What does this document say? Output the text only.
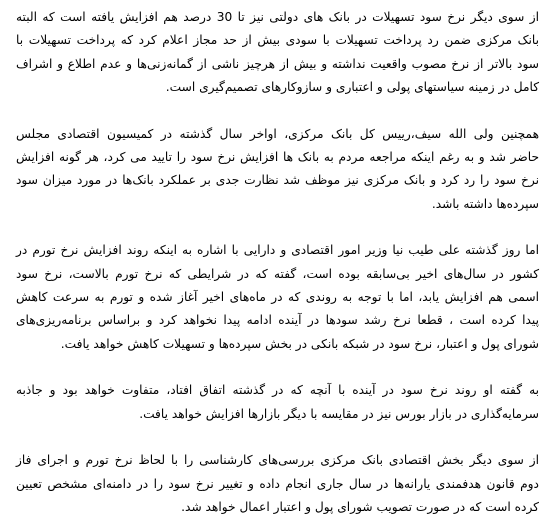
از سوی دیگر نرخ سود تسهیلات در بانک های دولتی نیز تا 30 درصد هم افزایش یافته است که البته
بانک مرکزی ضمن رد پرداخت تسهیلات با سودی بیش از حد مجاز اعلام کرد که پرداخت تسهیلات با
سود بالاتر از نرخ مصوب واقعیت نداشته و بیش از هرچیز ناشی از گمانه‌زنی‌ها و عدم اطلاع و اشراف
کامل در زمینه سیاستهای پولی و اعتباری و سازوکارهای تصمیم‌گیری است.

همچنین ولی الله سیف،رییس کل بانک مرکزی، اواخر سال گذشته در کمیسیون اقتصادی مجلس
حاضر شد و به رغم اینکه مراجعه مردم به بانک ها افزایش نرخ سود را تایید می کرد، هر گونه افزایش
نرخ سود را رد کرد و بانک مرکزی نیز موظف شد نظارت جدی بر عملکرد بانک‌ها در مورد میزان سود
سپرده‌ها داشته باشد.

اما روز گذشته علی طیب نیا وزیر امور اقتصادی و دارایی با اشاره به اینکه روند افزایش نرخ تورم در
کشور در سال‌های اخیر بی‌سابقه بوده است، گفته که در شرایطی که نرخ تورم بالاست، نرخ سود
اسمی هم افزایش یابد، اما با توجه به روندی که در ماه‌های اخیر آغاز شده و تورم به سرعت کاهش
پیدا کرده است ، قطعا نرخ رشد سودها در آینده ادامه پیدا نخواهد کرد و براساس برنامه‌ریزی‌های
شورای پول و اعتبار، نرخ سود در شبکه بانکی در بخش سپرده‌ها و تسهیلات کاهش خواهد یافت.

به گفته او روند نرخ سود در آینده با آنچه که در گذشته اتفاق افتاد، متفاوت خواهد بود و جاذبه
سرمایه‌گذاری در بازار بورس نیز در مقایسه با دیگر بازارها افزایش خواهد یافت.

از سوی دیگر بخش اقتصادی بانک مرکزی بررسی‌های کارشناسی را با لحاظ نرخ تورم و اجرای فاز
دوم قانون هدفمندی یارانه‌ها در سال جاری انجام داده و تغییر نرخ سود را در دامنه‌ای مشخص تعیین
کرده است که در صورت تصویب شورای پول و اعتبار اعمال خواهد شد.
